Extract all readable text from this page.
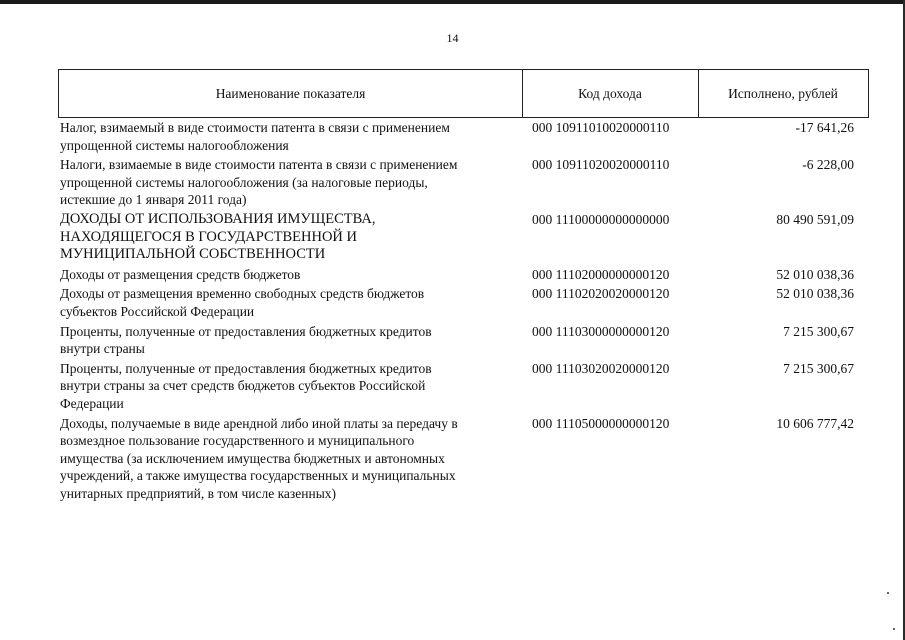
14
Наименование показателя	Код дохода	Исполнено, рублей
Налог, взимаемый в виде стоимости патента в связи с применением
упрощенной системы налогообложения
000 10911010020000110	-17 641,26
Налоги, взимаемые в виде стоимости патента в связи с применением
упрощенной системы налогообложения (за налоговые периоды,
истекшие до 1 января 2011 года)
000 10911020020000110	-6 228,00
ДОХОДЫ ОТ ИСПОЛЬЗОВАНИЯ ИМУЩЕСТВА,
НАХОДЯЩЕГОСЯ В ГОСУДАРСТВЕННОЙ И
МУНИЦИПАЛЬНОЙ СОБСТВЕННОСТИ
000 11100000000000000	80 490 591,09
Доходы от размещения средств бюджетов	000 11102000000000120	52 010 038,36
Доходы от размещения временно свободных средств бюджетов
субъектов Российской Федерации
000 11102020020000120	52 010 038,36
Проценты, полученные от предоставления бюджетных кредитов
внутри страны
000 11103000000000120	7 215 300,67
Проценты, полученные от предоставления бюджетных кредитов
внутри страны за счет средств бюджетов субъектов Российской
Федерации
000 11103020020000120	7 215 300,67
Доходы, получаемые в виде арендной либо иной платы за передачу в
возмездное пользование государственного и муниципального
имущества (за исключением имущества бюджетных и автономных
учреждений, а также имущества государственных и муниципальных
унитарных предприятий, в том числе казенных)
000 11105000000000120	10 606 777,42
